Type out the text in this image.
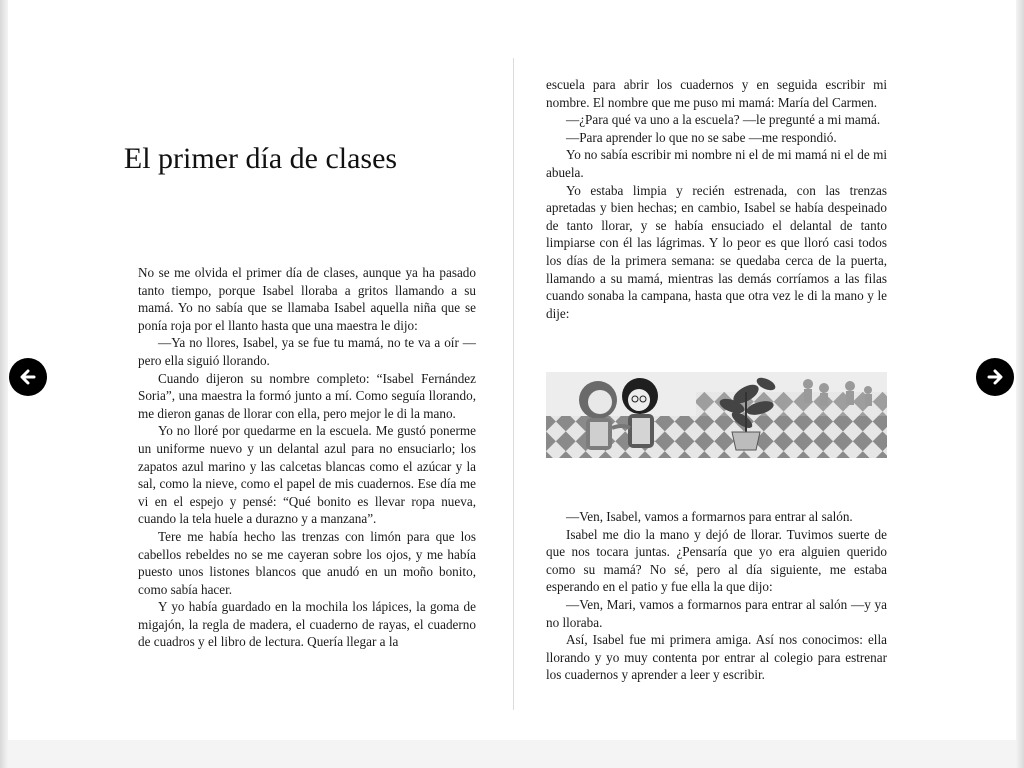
El primer día de clases

No se me olvida el primer día de clases, aunque ya ha pasado tanto tiempo, porque Isabel lloraba a gritos llamando a su mamá. Yo no sabía que se llamaba Isabel aquella niña que se ponía roja por el llanto hasta que una maestra le dijo:

—Ya no llores, Isabel, ya se fue tu mamá, no te va a oír —pero ella siguió llorando.

Cuando dijeron su nombre completo: “Isabel Fernández Soria”, una maestra la formó junto a mí. Como seguía llorando, me dieron ganas de llorar con ella, pero mejor le di la mano.

Yo no lloré por quedarme en la escuela. Me gustó ponerme un uniforme nuevo y un delantal azul para no ensuciarlo; los zapatos azul marino y las calcetas blancas como el azúcar y la sal, como la nieve, como el papel de mis cuadernos. Ese día me vi en el espejo y pensé: “Qué bonito es llevar ropa nueva, cuando la tela huele a durazno y a manzana”.

Tere me había hecho las trenzas con limón para que los cabellos rebeldes no se me cayeran sobre los ojos, y me había puesto unos listones blancos que anudó en un moño bonito, como sabía hacer.

Y yo había guardado en la mochila los lápices, la goma de migajón, la regla de madera, el cuaderno de rayas, el cuaderno de cuadros y el libro de lectura. Quería llegar a la

escuela para abrir los cuadernos y en seguida escribir mi nombre. El nombre que me puso mi mamá: María del Carmen.

—¿Para qué va uno a la escuela? —le pregunté a mi mamá.

—Para aprender lo que no se sabe —me respondió.

Yo no sabía escribir mi nombre ni el de mi mamá ni el de mi abuela.

Yo estaba limpia y recién estrenada, con las trenzas apretadas y bien hechas; en cambio, Isabel se había despeinado de tanto llorar, y se había ensuciado el delantal de tanto limpiarse con él las lágrimas. Y lo peor es que lloró casi todos los días de la primera semana: se quedaba cerca de la puerta, llamando a su mamá, mientras las demás corríamos a las filas cuando sonaba la campana, hasta que otra vez le di la mano y le dije:

—Ven, Isabel, vamos a formarnos para entrar al salón.

Isabel me dio la mano y dejó de llorar. Tuvimos suerte de que nos tocara juntas. ¿Pensaría que yo era alguien querido como su mamá? No sé, pero al día siguiente, me estaba esperando en el patio y fue ella la que dijo:

—Ven, Mari, vamos a formarnos para entrar al salón —y ya no lloraba.

Así, Isabel fue mi primera amiga. Así nos conocimos: ella llorando y yo muy contenta por entrar al colegio para estrenar los cuadernos y aprender a leer y escribir.
